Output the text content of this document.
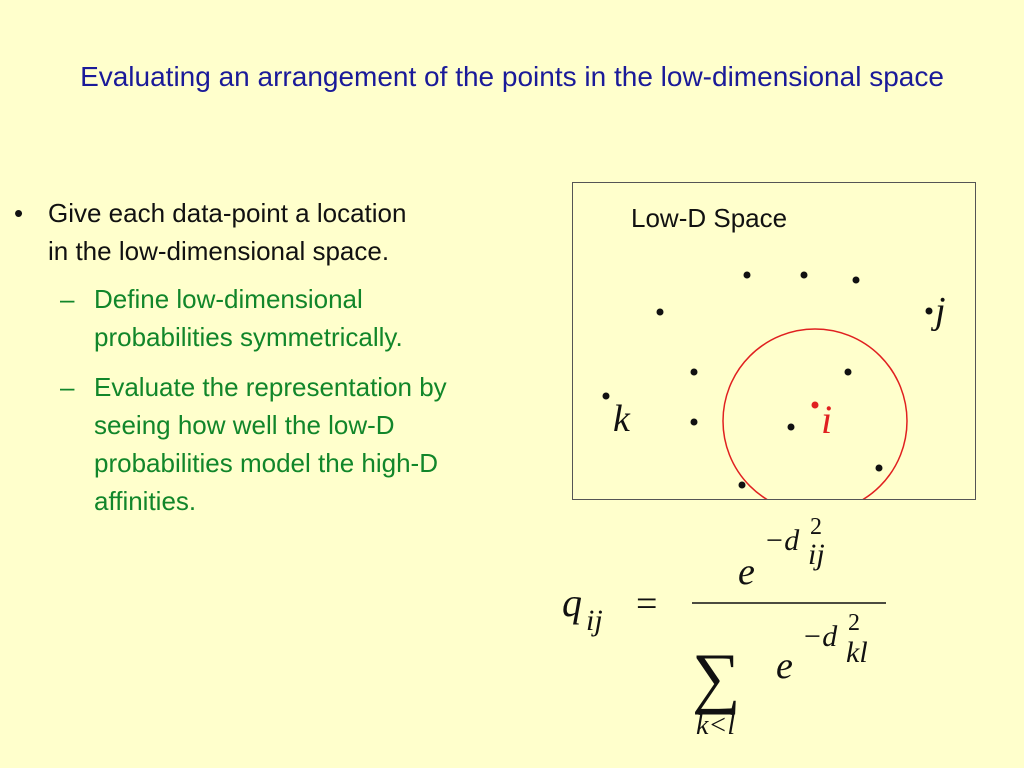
Evaluating an arrangement of the points in the low-dimensional space
• Give each data-point a location in the low-dimensional space.
– Define low-dimensional probabilities symmetrically.
– Evaluate the representation by seeing how well the low-D probabilities model the high-D affinities.
Low-D Space
j
k	i
q ij =
e
−d 2
ij
∑
k<l
e
−d 2
kl
